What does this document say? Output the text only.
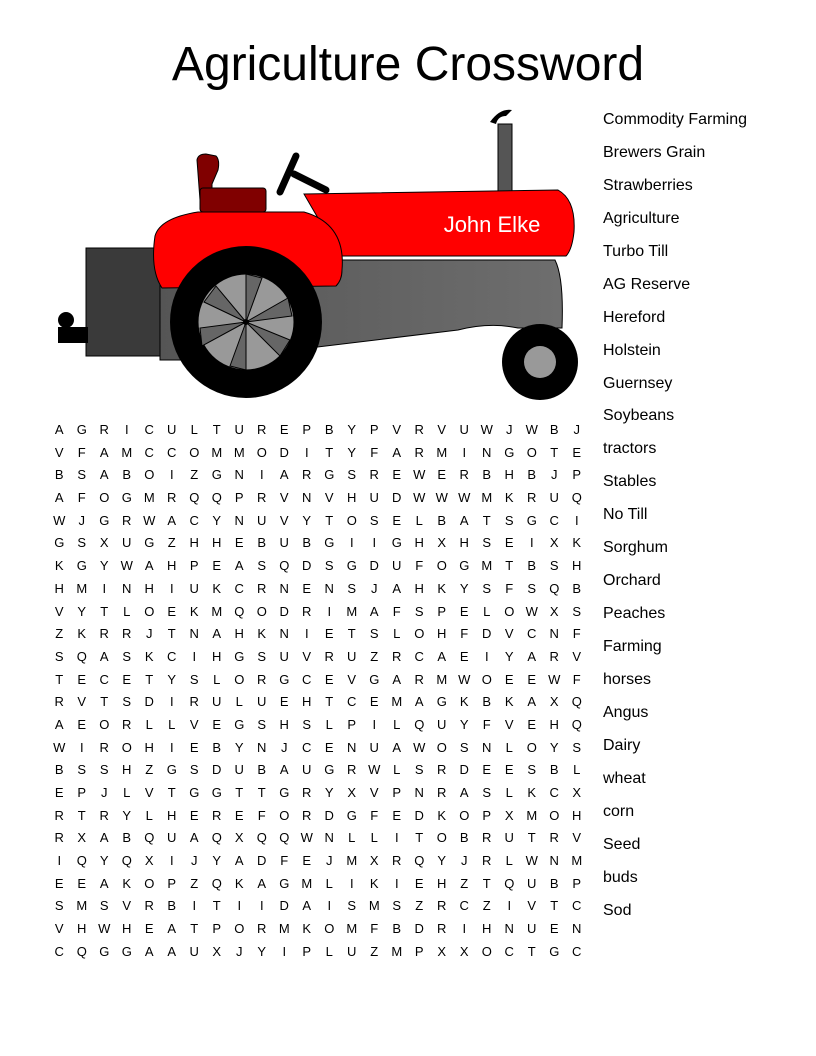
Agriculture Crossword
John Elke
A	G R	I	C	U	L	T	U	R	E	P	B	Y	P	V	R	V	U W	J	W B	J
V	F	A M C	C O M M O D	I	T	Y	F	A	R M	I	N G O	T	E
B	S	A	B	O	I	Z	G N	I	A	R G	S	R	E W E	R	B	H	B	J	P
A	F	O G M R Q Q	P	R	V	N	V	H	U	D W W W M K	R	U Q
W	J	G R W A	C	Y	N	U	V	Y	T	O	S	E	L	B	A	T	S	G C	I
G	S	X	U G	Z	H	H	E	B	U	B	G	I	I	G H	X	H	S	E	I	X	K
K	G	Y W A	H	P	E	A	S	Q D	S	G D	U	F	O G M	T	B	S	H
H M	I	N	H	I	U	K	C	R	N	E	N	S	J	A	H	K	Y	S	F	S	Q	B
V	Y	T	L	O	E	K M Q O D	R	I	M A	F	S	P	E	L	O W X	S
Z	K	R	R	J	T	N	A	H	K	N	I	E	T	S	L	O H	F	D	V	C	N	F
S	Q	A	S	K	C	I	H G	S	U	V	R	U	Z	R	C	A	E	I	Y	A	R	V
T	E	C	E	T	Y	S	L	O R G C	E	V	G	A	R M W O	E	E W F
R	V	T	S	D	I	R	U	L	U	E	H	T	C	E M A	G	K	B	K	A	X	Q
A	E	O R	L	L	V	E	G	S	H	S	L	P	I	L	Q U	Y	F	V	E	H Q
W	I	R O H	I	E	B	Y	N	J	C	E	N	U	A W O	S	N	L	O	Y	S
B	S	S	H	Z	G	S	D	U	B	A	U G R W L	S	R	D	E	E	S	B	L
E	P	J	L	V	T	G G	T	T	G R	Y	X	V	P	N	R	A	S	L	K	C	X
R	T	R	Y	L	H	E	R	E	F	O R	D G	F	E	D	K	O	P	X M O H
R	X	A	B	Q U	A	Q	X	Q Q W N	L	L	I	T	O	B	R	U	T	R	V
I	Q	Y	Q	X	I	J	Y	A	D	F	E	J	M X	R Q	Y	J	R	L W N M
E	E	A	K	O	P	Z	Q	K	A	G M	L	I	K	I	E	H	Z	T	Q U	B	P
S M S	V	R	B	I	T	I	I	D	A	I	S M S	Z	R	C	Z	I	V	T	C
V	H W H	E	A	T	P	O R M K	O M	F	B	D	R	I	H	N	U	E	N
C Q G G	A	A	U	X	J	Y	I	P	L	U	Z	M P	X	X	O C	T	G C
Commodity Farming
Brewers Grain
Strawberries
Agriculture
Turbo Till
AG Reserve
Hereford
Holstein
Guernsey
Soybeans
tractors
Stables
No Till
Sorghum
Orchard
Peaches
Farming
horses
Angus
Dairy
wheat
corn
Seed
buds
Sod
